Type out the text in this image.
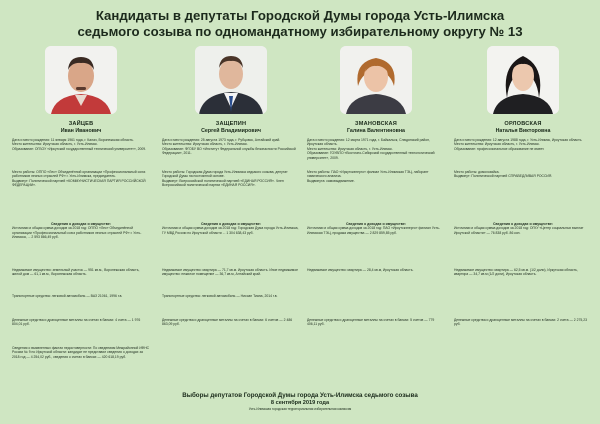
Кандидаты в депутаты Городской Думы города Усть-Илимска
седьмого созыва по одномандатному избирательному округу № 13
ЗАЙЦЕВ
Иван Иванович
Дата и место рождения: 11 января 1961 года, г. Калач, Воронежская область.
Место жительства: Иркутская область, г. Усть-Илимск.
Образование: ОГБОУ «Иркутский государственный технический университет», 2009.
Место работы: ОППО «Лес» Объединённой организации «Профессиональный союз работников лесных отраслей РФ» г. Усть-Илимска, председатель.
Выдвинут: Политической партией «КОММУНИСТИЧЕСКАЯ ПАРТИЯ РОССИЙСКОЙ ФЕДЕРАЦИИ».
Сведения о доходах и имуществе:
Источники и общая сумма доходов за 2018 год: ОППО «Лес» Объединённой организации «Профессиональный союз работников лесных отраслей РФ» г. Усть-Илимска, ... 2 593 866,49 руб.
Недвижимое имущество: земельный участок — 951 кв.м., Воронежская область, жилой дом — 61,1 кв.м., Воронежская область.
Транспортные средства: легковой автомобиль — ВАЗ 21061, 1996 г.в.
Денежные средства и драгоценные металлы на счетах в банках: 4 счета — 1 976 804,01 руб.
Сведения о выявленных фактах недостоверности: По сведениям Межрайонной ИФНС России № 9 по Иркутской области: кандидат не представил сведения о доходах за 2018 год — 4 254,02 руб., сведения о счетах в банках — 420 618,19 руб.
ЗАЩЕПИН
Сергей Владимирович
Дата и место рождения: 25 августа 1973 года, г. Рубцовск, Алтайский край.
Место жительства: Иркутская область, г. Усть-Илимск.
Образование: ФГОБУ ВО «Институт Федеральной службы безопасности Российской Федерации», 2011.
Место работы: Городская Дума города Усть-Илимска седьмого созыва, депутат Городской Думы на постоянной основе.
Выдвинут: Всероссийской политической партией «ЕДИНАЯ РОССИЯ». Член Всероссийской политической партии «ЕДИНАЯ РОССИЯ».
Сведения о доходах и имуществе:
Источники и общая сумма доходов за 2018 год: Городская Дума города Усть-Илимска, ГУ МВД России по Иркутской области ... 1 304 638,43 руб.
Недвижимое имущество: квартира — 71,7 кв.м. Иркутская область. Иное недвижимое имущество: нежилое помещение — 36,7 кв.м, Алтайский край.
Транспортные средства: легковой автомобиль — Ниссан Тиана, 2014 г.в.
Денежные средства и драгоценные металлы на счетах в банках: 6 счетов — 2 486 863,09 руб.
ЗМАНОВСКАЯ
Галина Валентиновна
Дата и место рождения: 12 марта 1971 года, г. Байкальск, Слюдянский район, Иркутская область.
Место жительства: Иркутская область, г. Усть-Илимск.
Образование: ГОУВПО «Восточно-Сибирский государственный технологический университет», 2009.
Место работы: ПАО «Иркутскэнерго» филиал Усть-Илимская ТЭЦ, лаборант химического анализа.
Выдвинута: самовыдвижение.
Сведения о доходах и имуществе:
Источники и общая сумма доходов за 2018 год: ПАО «Иркутскэнерго» филиал Усть-Илимская ТЭЦ, продажа имущества — 2 829 859,85 руб.
Недвижимое имущество: квартира — 28,4 кв.м, Иркутская область.
Денежные средства и драгоценные металлы на счетах в банках: 5 счетов — 779 406,11 руб.
ОРЛОВСКАЯ
Наталья Викторовна
Дата и место рождения: 12 августа 1988 года, г. Усть-Илимск, Иркутская область.
Место жительства: Иркутская область, г. Усть-Илимск.
Образование: профессиональное образование не имеет.
Место работы: домохозяйка.
Выдвинут: Политической партией СПРАВЕДЛИВАЯ РОССИЯ.
Сведения о доходах и имуществе:
Источники и общая сумма доходов за 2018 год: ОГКУ «Центр социальных выплат Иркутской области» — 76 838 руб. 86 коп.
Недвижимое имущество: квартира — 62,5 кв.м. (1/2 доли), Иркутская область, квартира — 34,7 кв.м (1/2 доли), Иркутская область.
Денежные средства и драгоценные металлы на счетах в банках: 2 счета — 2 275,23 руб.
Выборы депутатов Городской Думы города Усть-Илимска седьмого созыва
8 сентября 2019 года
Усть-Илимская городская территориальная избирательная комиссия
